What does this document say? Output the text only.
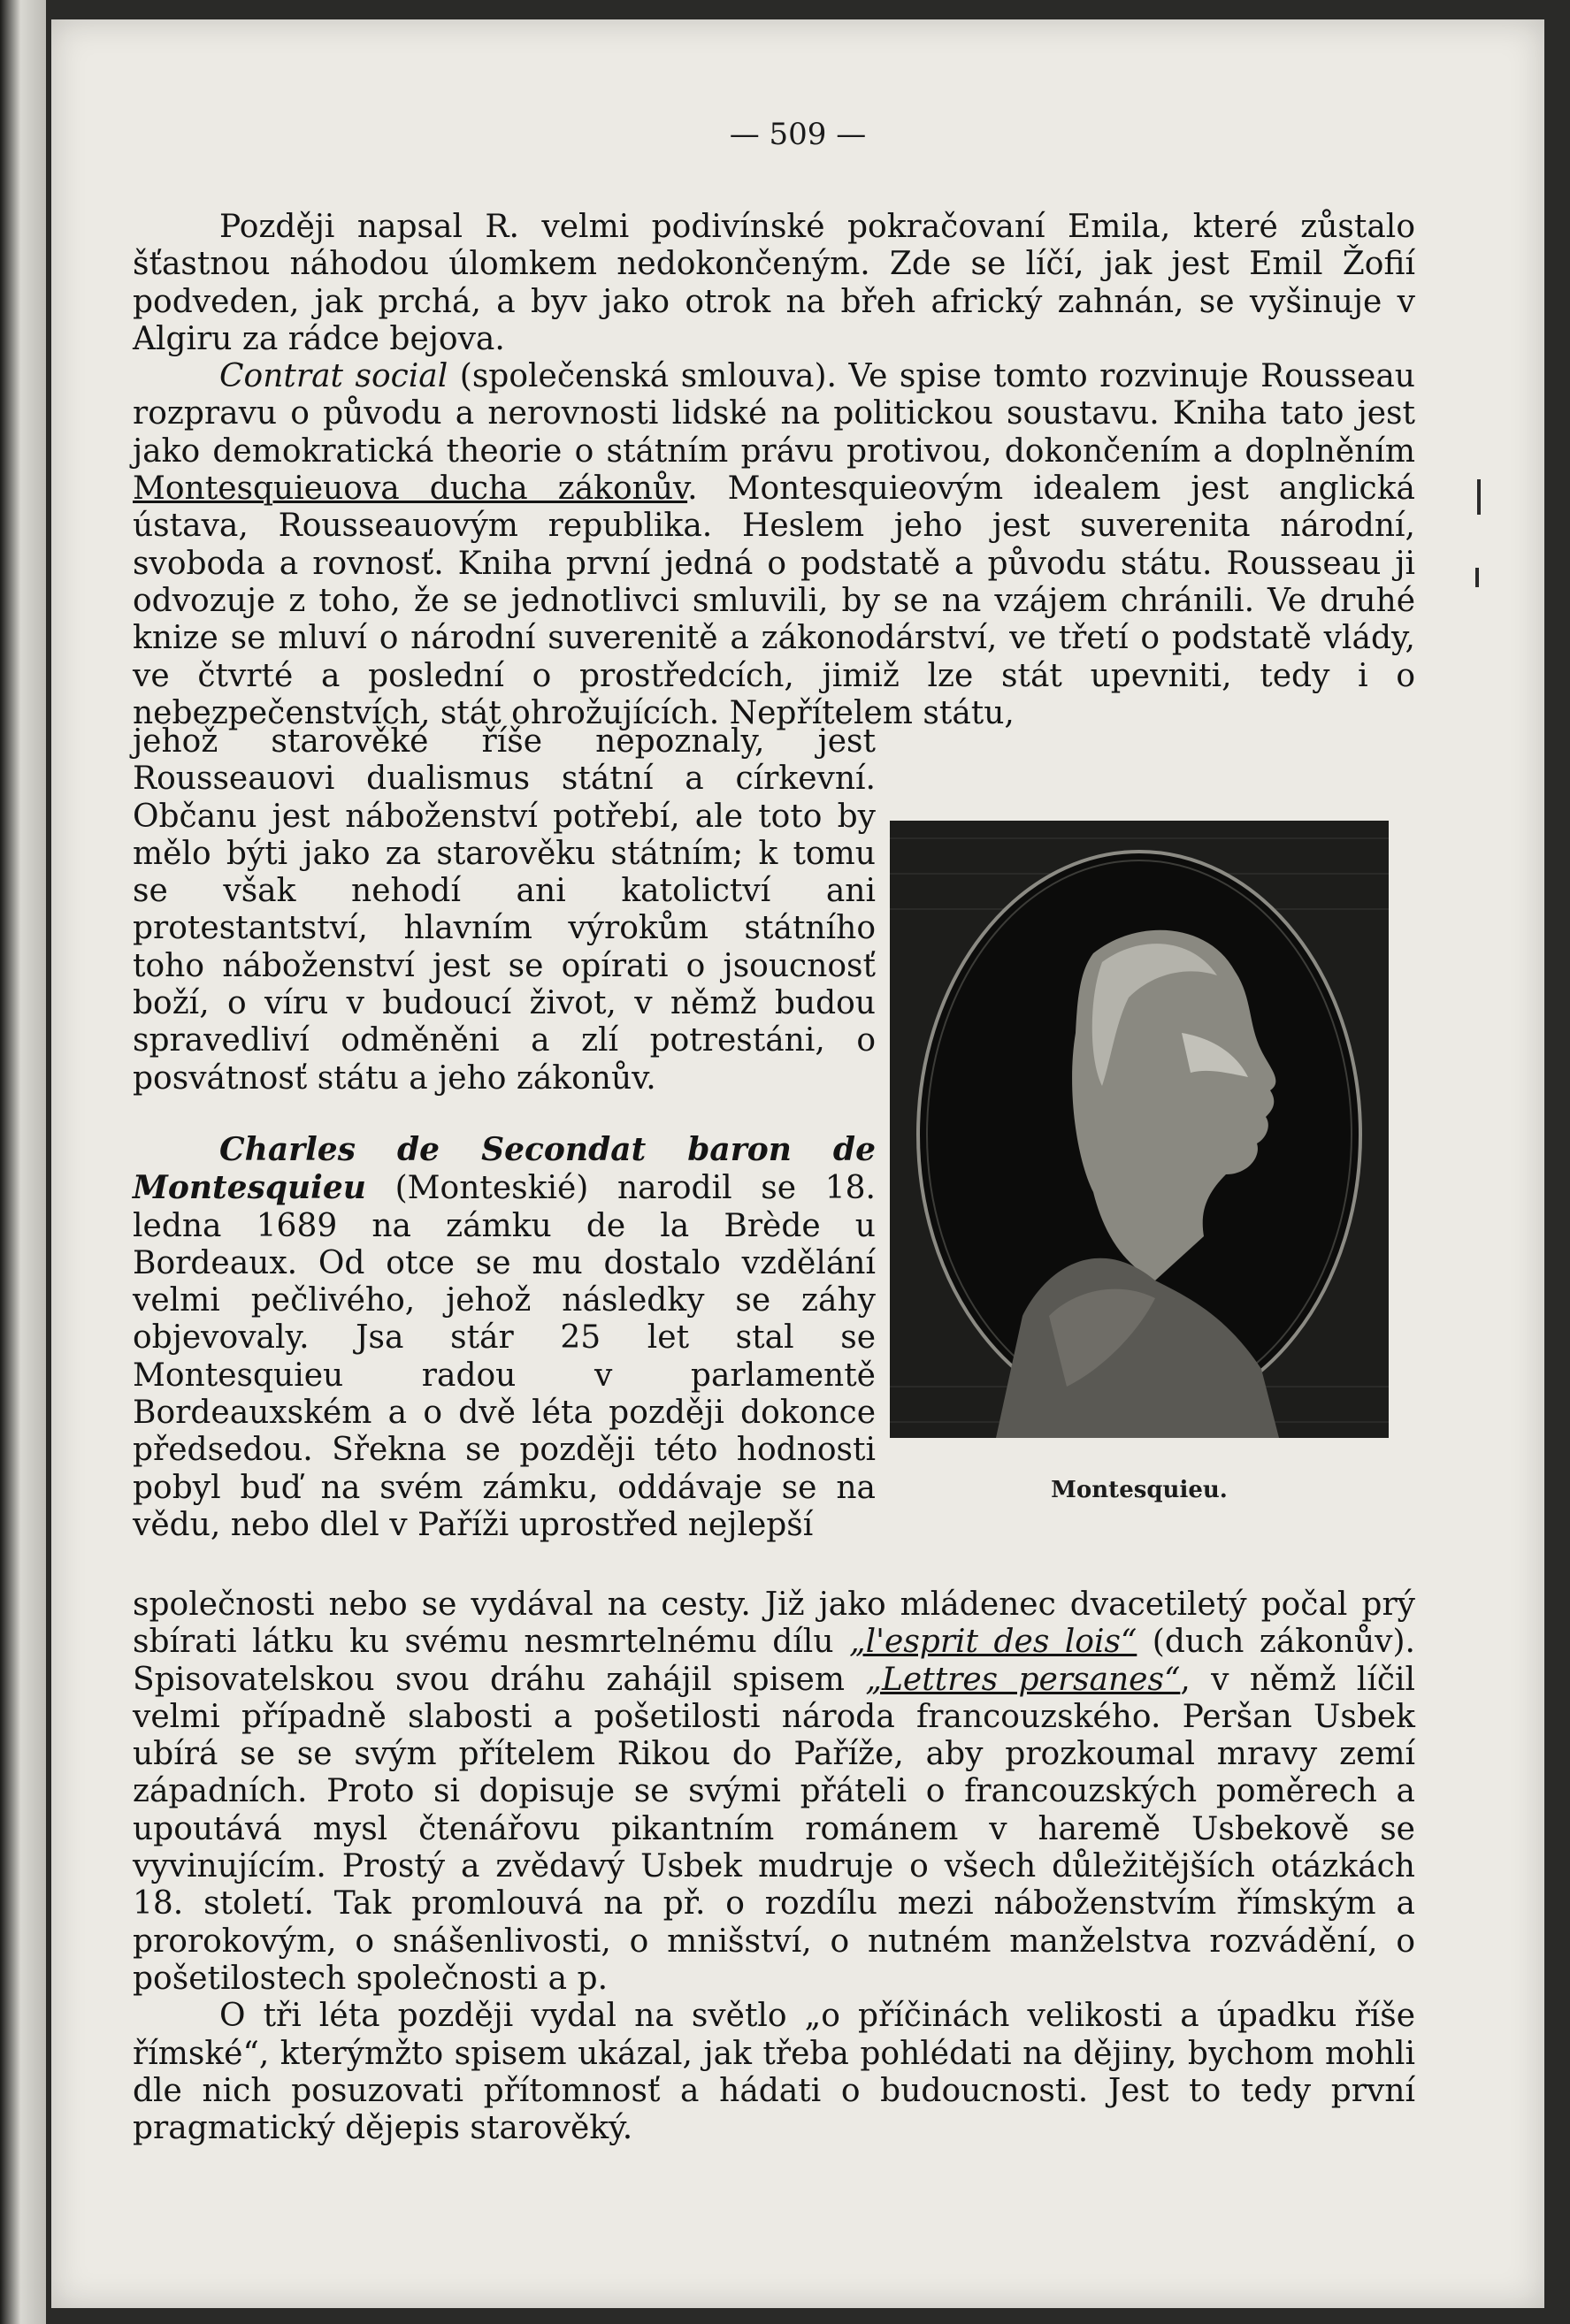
— 509 —

Později napsal R. velmi podivínské pokračovaní Emila, které zůstalo šťastnou náhodou úlomkem nedokončeným. Zde se líčí, jak jest Emil Žofií podveden, jak prchá, a byv jako otrok na břeh africký zahnán, se vyšinuje v Algiru za rádce bejova.

Contrat social (společenská smlouva). Ve spise tomto rozvinuje Rousseau rozpravu o původu a nerovnosti lidské na politickou soustavu. Kniha tato jest jako demokratická theorie o státním právu protivou, dokončením a doplněním Montesquieuova ducha zákonův. Montesquieovým idealem jest anglická ústava, Rousseauovým republika. Heslem jeho jest suverenita národní, svoboda a rovnosť. Kniha první jedná o podstatě a původu státu. Rousseau ji odvozuje z toho, že se jednotlivci smluvili, by se na vzájem chránili. Ve druhé knize se mluví o národní suverenitě a zákonodárství, ve třetí o podstatě vlády, ve čtvrté a poslední o prostředcích, jimiž lze stát upevniti, tedy i o nebezpečenstvích, stát ohrožujících. Nepřítelem státu,

jehož starověké říše nepoznaly, jest Rousseauovi dualismus státní a církevní. Občanu jest náboženství potřebí, ale toto by mělo býti jako za starověku státním; k tomu se však nehodí ani katolictví ani protestantství, hlavním výrokům státního toho náboženství jest se opírati o jsoucnosť boží, o víru v budoucí život, v němž budou spravedliví odměněni a zlí potrestáni, o posvátnosť státu a jeho zákonův.

Charles de Secondat baron de Montesquieu (Monteskié) narodil se 18. ledna 1689 na zámku de la Brède u Bordeaux. Od otce se mu dostalo vzdělání velmi pečlivého, jehož následky se záhy objevovaly. Jsa stár 25 let stal se Montesquieu radou v parlamentě Bordeauxském a o dvě léta později dokonce předsedou. Sřekna se později této hodnosti pobyl buď na svém zámku, oddávaje se na vědu, nebo dlel v Paříži uprostřed nejlepší

Montesquieu.

společnosti nebo se vydával na cesty. Již jako mládenec dvacetiletý počal prý sbírati látku ku svému nesmrtelnému dílu „l'esprit des lois“ (duch zákonův). Spisovatelskou svou dráhu zahájil spisem „Lettres persanes“, v němž líčil velmi případně slabosti a pošetilosti národa francouzského. Peršan Usbek ubírá se se svým přítelem Rikou do Paříže, aby prozkoumal mravy zemí západních. Proto si dopisuje se svými přáteli o francouzských poměrech a upoutává mysl čtenářovu pikantním románem v haremě Usbekově se vyvinujícím. Prostý a zvědavý Usbek mudruje o všech důležitějších otázkách 18. století. Tak promlouvá na př. o rozdílu mezi náboženstvím římským a prorokovým, o snášenlivosti, o mnišství, o nutném manželstva rozvádění, o pošetilostech společnosti a p.

O tři léta později vydal na světlo „o příčinách velikosti a úpadku říše římské“, kterýmžto spisem ukázal, jak třeba pohlédati na dějiny, bychom mohli dle nich posuzovati přítomnosť a hádati o budoucnosti. Jest to tedy první pragmatický dějepis starověký.
